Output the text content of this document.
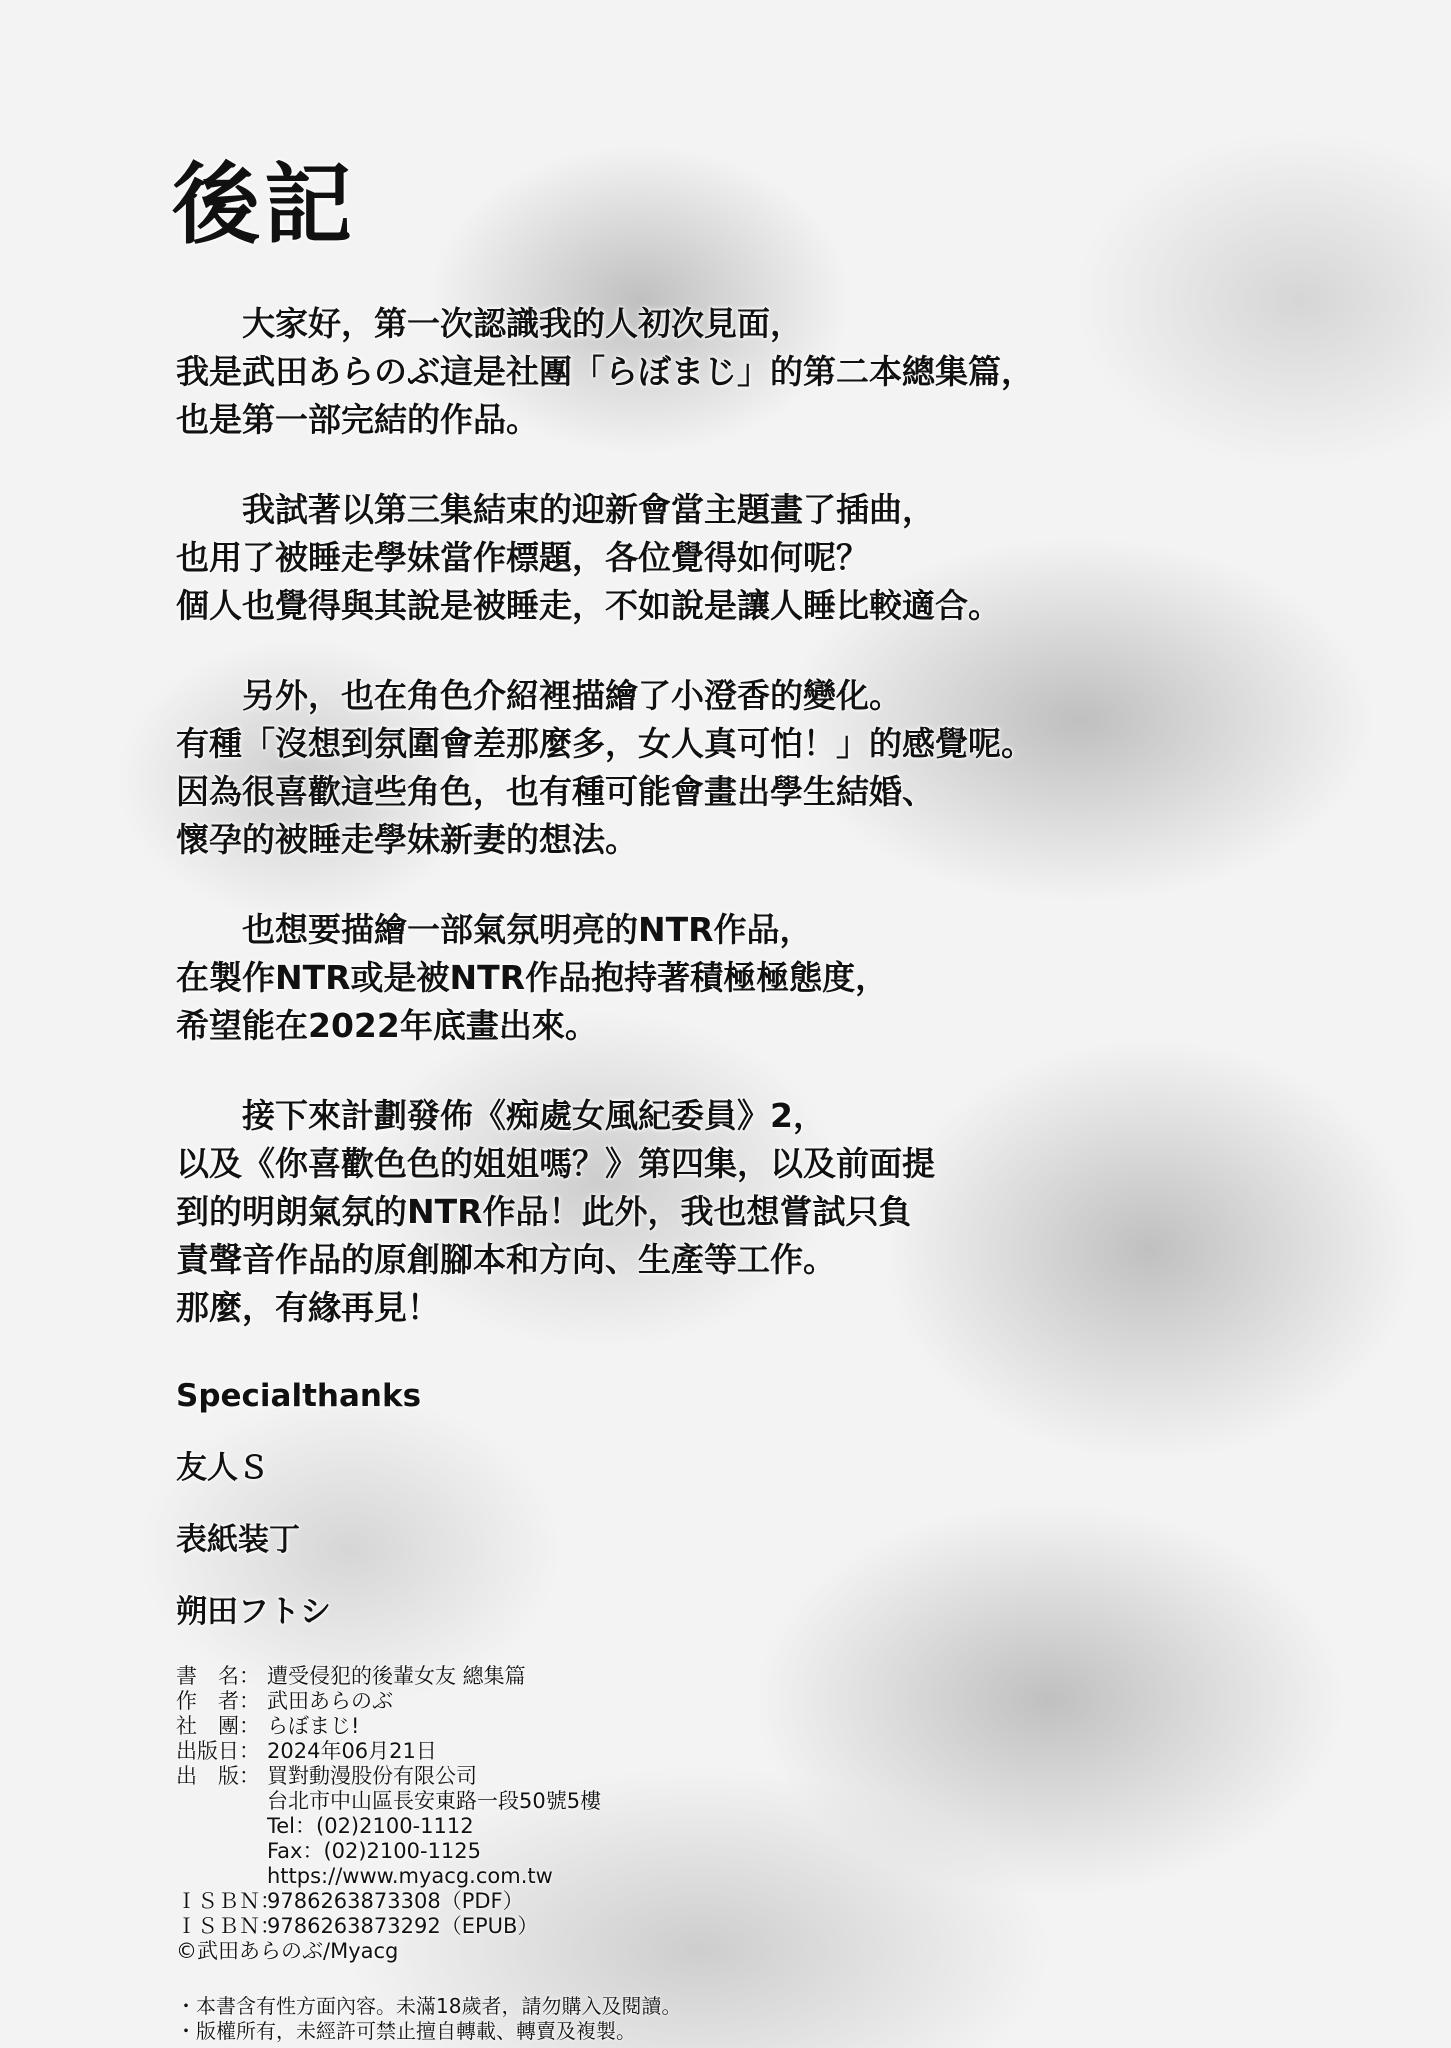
後記
　　大家好，第一次認識我的人初次見面，
我是武田あらのぶ這是社團「らぼまじ」的第二本總集篇，
也是第一部完結的作品。
　　我試著以第三集結束的迎新會當主題畫了插曲，
也用了被睡走學妹當作標題，各位覺得如何呢？
個人也覺得與其說是被睡走，不如說是讓人睡比較適合。
　　另外，也在角色介紹裡描繪了小澄香的變化。
有種「沒想到氛圍會差那麼多，女人真可怕！」的感覺呢。
因為很喜歡這些角色，也有種可能會畫出學生結婚、
懷孕的被睡走學妹新妻的想法。
　　也想要描繪一部氣氛明亮的NTR作品，
在製作NTR或是被NTR作品抱持著積極極態度，
希望能在2022年底畫出來。
　　接下來計劃發佈《痴處女風紀委員》2，
以及《你喜歡色色的姐姐嗎？》第四集，以及前面提
到的明朗氣氛的NTR作品！此外，我也想嘗試只負
責聲音作品的原創腳本和方向、生產等工作。
那麼，有緣再見！
Specialthanks
友人Ｓ
表紙装丁
朔田フトシ
書　名： 遭受侵犯的後輩女友 總集篇
作　者： 武田あらのぶ
社　團： らぼまじ!
出版日： 2024年06月21日
出　版： 買對動漫股份有限公司
台北市中山區長安東路一段50號5樓
Tel：(02)2100-1112
Fax：(02)2100-1125
https://www.myacg.com.tw
ＩＳＢＮ：
9786263873308（PDF）
ＩＳＢＮ：
9786263873292（EPUB）
©武田あらのぶ/Myacg
・本書含有性方面內容。未滿18歲者，請勿購入及閱讀。
・版權所有，未經許可禁止擅自轉載、轉賣及複製。
